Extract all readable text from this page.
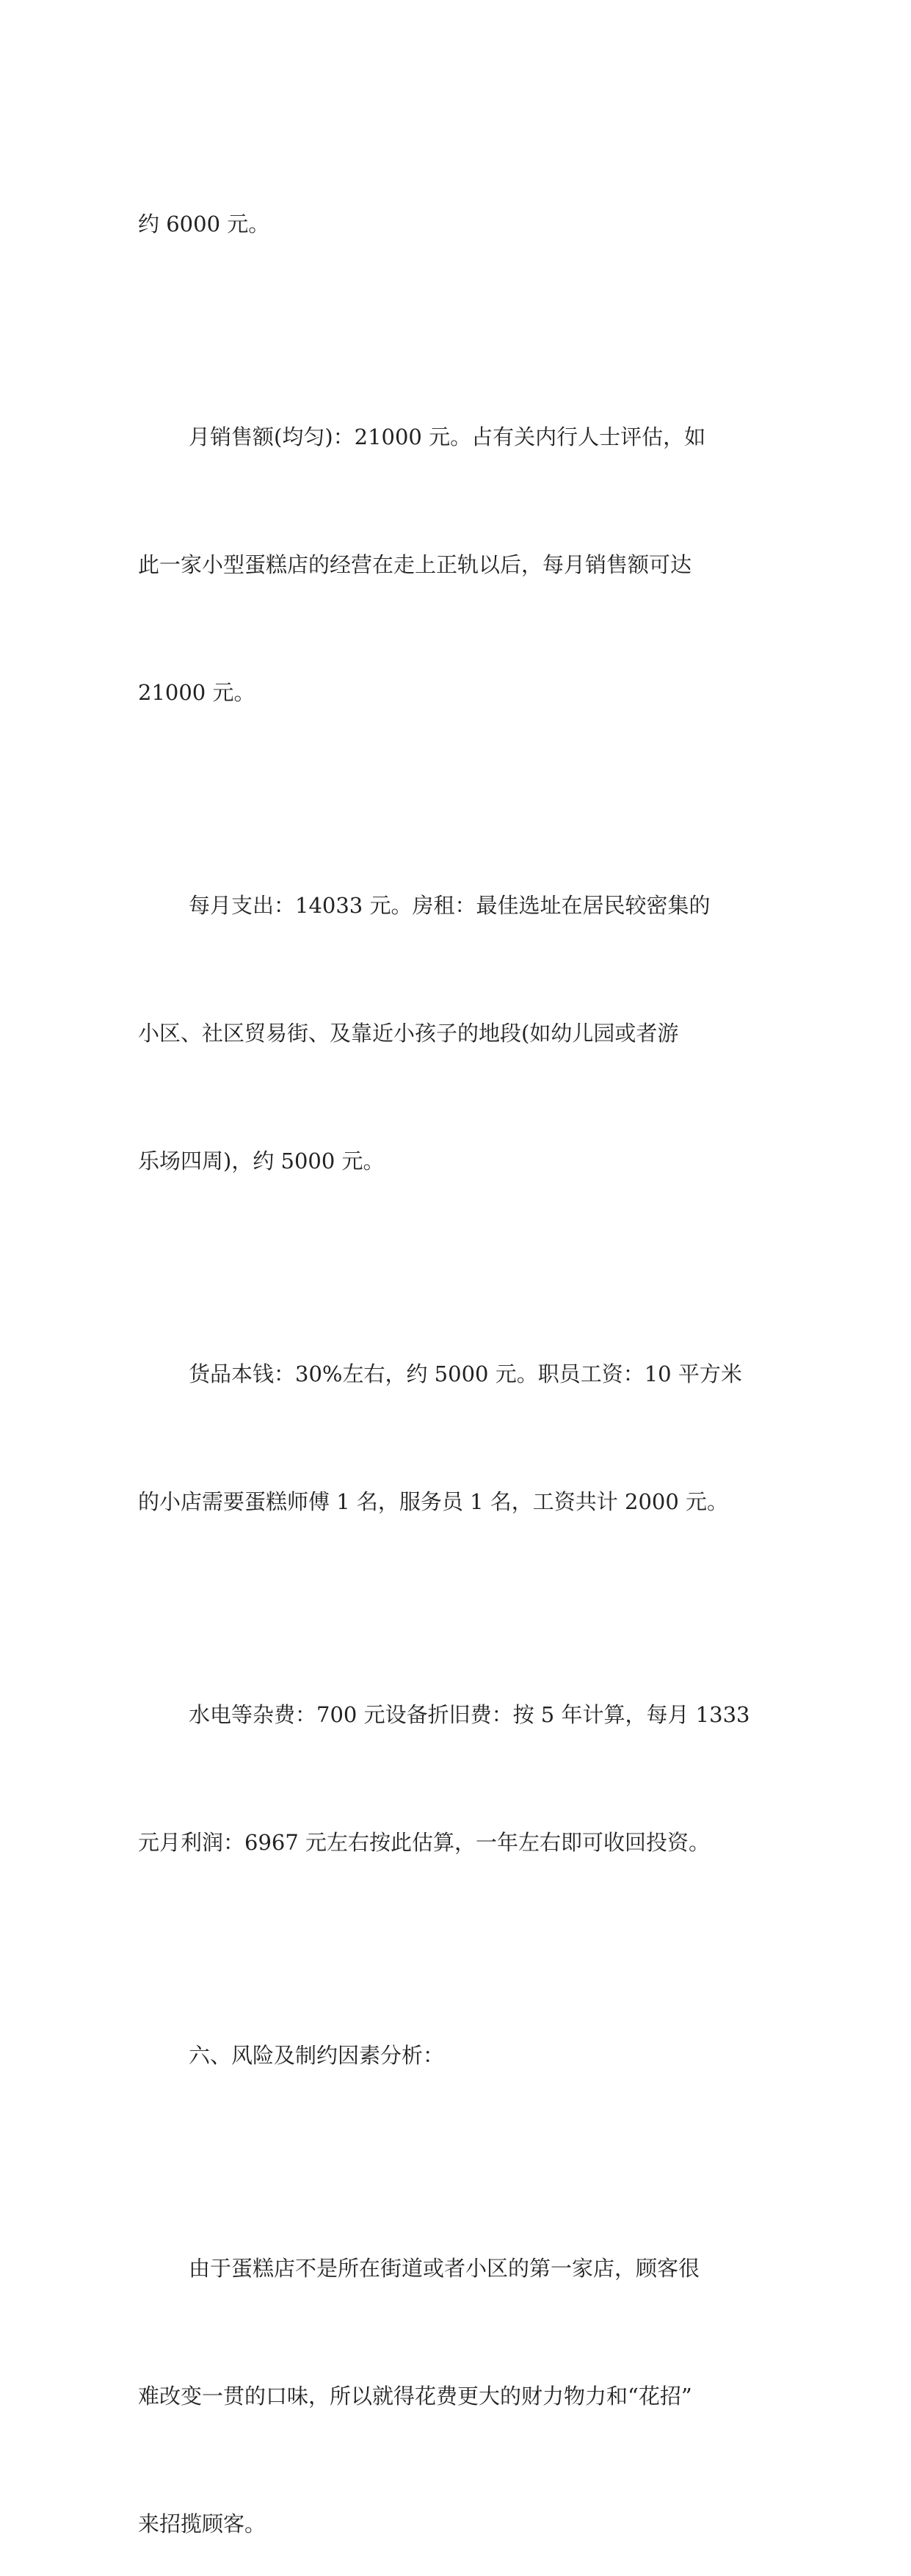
约 6000 元。

月销售额(均匀)：21000 元。占有关内行人士评估，如

此一家小型蛋糕店的经营在走上正轨以后，每月销售额可达

21000 元。

每月支出：14033 元。房租：最佳选址在居民较密集的

小区、社区贸易街、及靠近小孩子的地段(如幼儿园或者游

乐场四周)，约 5000 元。

货品本钱：30%左右，约 5000 元。职员工资：10 平方米

的小店需要蛋糕师傅 1 名，服务员 1 名，工资共计 2000 元。

水电等杂费：700 元设备折旧费：按 5 年计算，每月 1333

元月利润：6967 元左右按此估算，一年左右即可收回投资。

六、风险及制约因素分析：

由于蛋糕店不是所在街道或者小区的第一家店，顾客很

难改变一贯的口味，所以就得花费更大的财力物力和“花招”

来招揽顾客。
